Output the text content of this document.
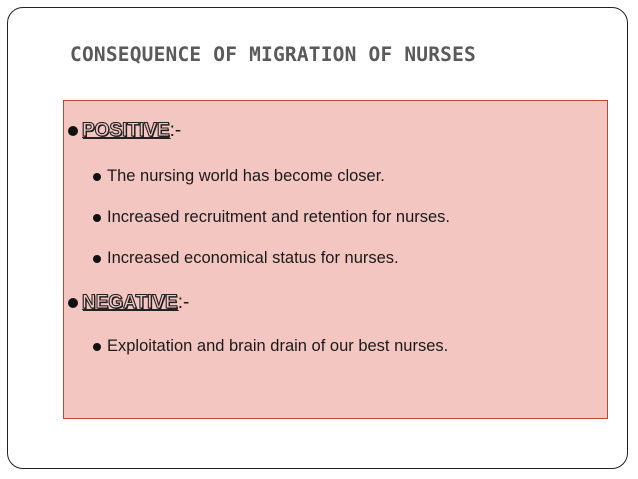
CONSEQUENCE OF MIGRATION OF NURSES
POSITIVE :-
The nursing world has become closer.
Increased recruitment and retention for nurses.
Increased economical status for nurses.
NEGATIVE :-
Exploitation and brain drain of our best nurses.
